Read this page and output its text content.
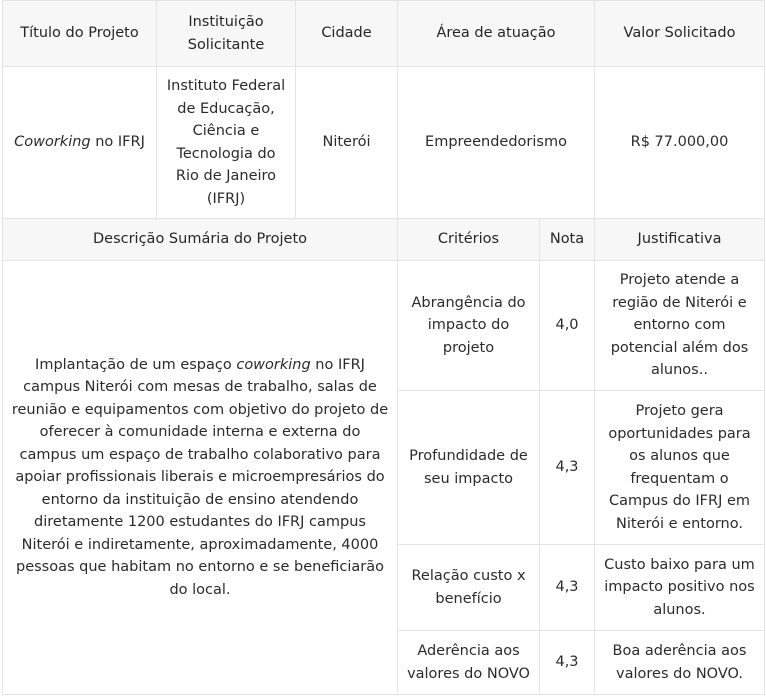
Título do Projeto	Instituição Solicitante	Cidade	Área de atuação		Valor Solicitado
Coworking no IFRJ	Instituto Federal de Educação, Ciência e Tecnologia do Rio de Janeiro (IFRJ)	Niterói	Empreendedorismo		R$ 77.000,00
Descrição Sumária do Projeto			Critérios	Nota	Justificativa
Implantação de um espaço coworking no IFRJ campus Niterói com mesas de trabalho, salas de reunião e equipamentos com objetivo do projeto de oferecer à comunidade interna e externa do campus um espaço de trabalho colaborativo para apoiar profissionais liberais e microempresários do entorno da instituição de ensino atendendo diretamente 1200 estudantes do IFRJ campus Niterói e indiretamente, aproximadamente, 4000 pessoas que habitam no entorno e se beneficiarão do local.			Abrangência do impacto do projeto	4,0	Projeto atende a região de Niterói e entorno com potencial além dos alunos..
			Profundidade de seu impacto	4,3	Projeto gera oportunidades para os alunos que frequentam o Campus do IFRJ em Niterói e entorno.
			Relação custo x benefício	4,3	Custo baixo para um impacto positivo nos alunos.
			Aderência aos valores do NOVO	4,3	Boa aderência aos valores do NOVO.
